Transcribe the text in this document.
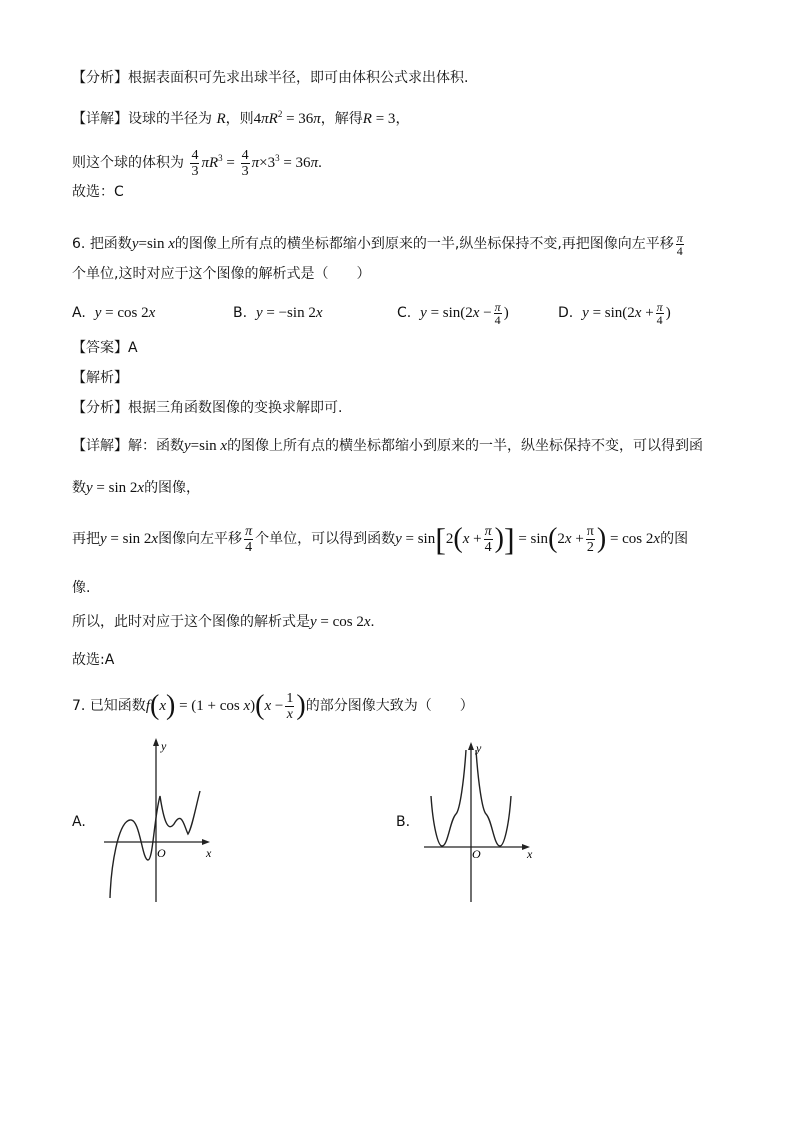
【分析】根据表面积可先求出球半径，即可由体积公式求出体积.
【详解】设球的半径为 R，则$4\pi R^2 = 36\pi$，解得R = 3，
则这个球的体积为 $\frac{4}{3} \pi R^3 = \frac{4}{3} \pi\times 3^3 = 36\pi$.
故选：C
6. 把函数y=sin x的图像上所有点的横坐标都缩小到原来的一半,纵坐标保持不变,再把图像向左平移 $\frac{\pi}{4}$
个单位,这时对应于这个图像的解析式是（　　）
A. y = cos 2x	B. y = −sin 2x	C. $y = \sin(2x - \frac{\pi}{4}$ )	D. $y = \sin(2x + \frac{\pi}{4}$ )
【答案】A
【解析】
【分析】根据三角函数图像的变换求解即可.
【详解】解：函数y=sin x的图像上所有点的横坐标都缩小到原来的一半，纵坐标保持不变，可以得到函
数y = sin 2x的图像，
再把y = sin 2x图像向左平移 $\frac{\pi}{4}$ 个单位，可以得到函数$y = \sin[2(x + \frac{\pi}{4}$ )] = $\sin(2x + \frac{\pi}{2}$ ) = cos 2x的图
像.
所以，此时对应于这个图像的解析式是y = cos 2x.
故选:A
7. 已知函数$f(x) = (1 + \cos x)(x - \frac{1}{x}$ )的部分图像大致为（　　）
A.	B.
y
x
O
y
x
O
